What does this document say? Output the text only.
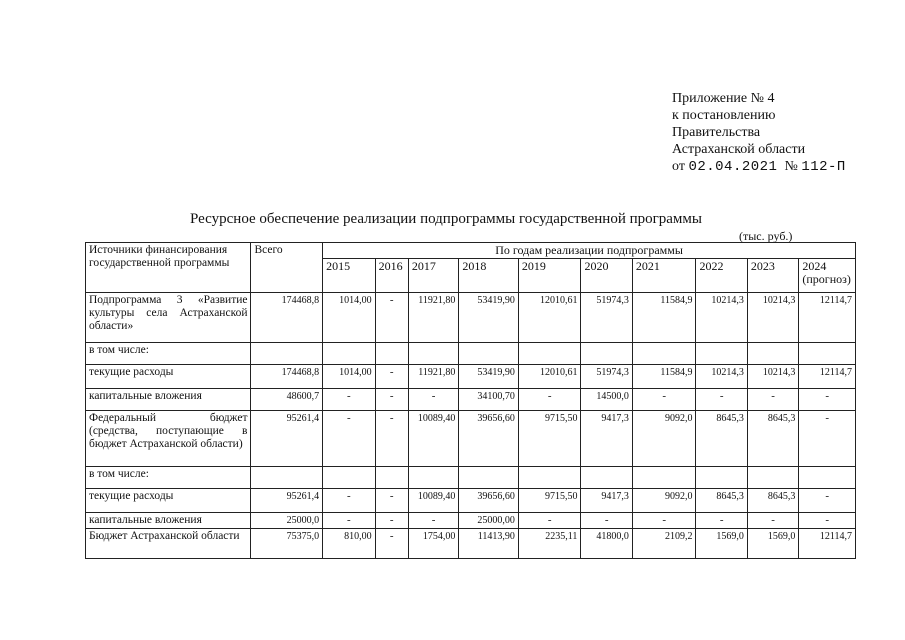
Приложение № 4
к постановлению
Правительства
Астраханской области
от 02.04.2021 № 112-П
Ресурсное обеспечение реализации подпрограммы государственной программы
(тыс. руб.)
Источники финансирования государственной программы	Всего	По годам реализации подпрограммы									
		2015	2016	2017	2018	2019	2020	2021	2022	2023	2024 (прогноз)
Подпрограмма 3 «Развитие культуры села Астраханской области»	174468,8	1014,00	-	11921,80	53419,90	12010,61	51974,3	11584,9	10214,3	10214,3	12114,7
в том числе:											
текущие расходы	174468,8	1014,00	-	11921,80	53419,90	12010,61	51974,3	11584,9	10214,3	10214,3	12114,7
капитальные вложения	48600,7	-	-	-	34100,70	-	14500,0	-	-	-	-
Федеральный бюджет (средства, поступающие в бюджет Астраханской области)	95261,4	-	-	10089,40	39656,60	9715,50	9417,3	9092,0	8645,3	8645,3	-
в том числе:											
текущие расходы	95261,4	-	-	10089,40	39656,60	9715,50	9417,3	9092,0	8645,3	8645,3	-
капитальные вложения	25000,0	-	-	-	25000,00	-	-	-	-	-	-
Бюджет Астраханской области	75375,0	810,00	-	1754,00	11413,90	2235,11	41800,0	2109,2	1569,0	1569,0	12114,7
